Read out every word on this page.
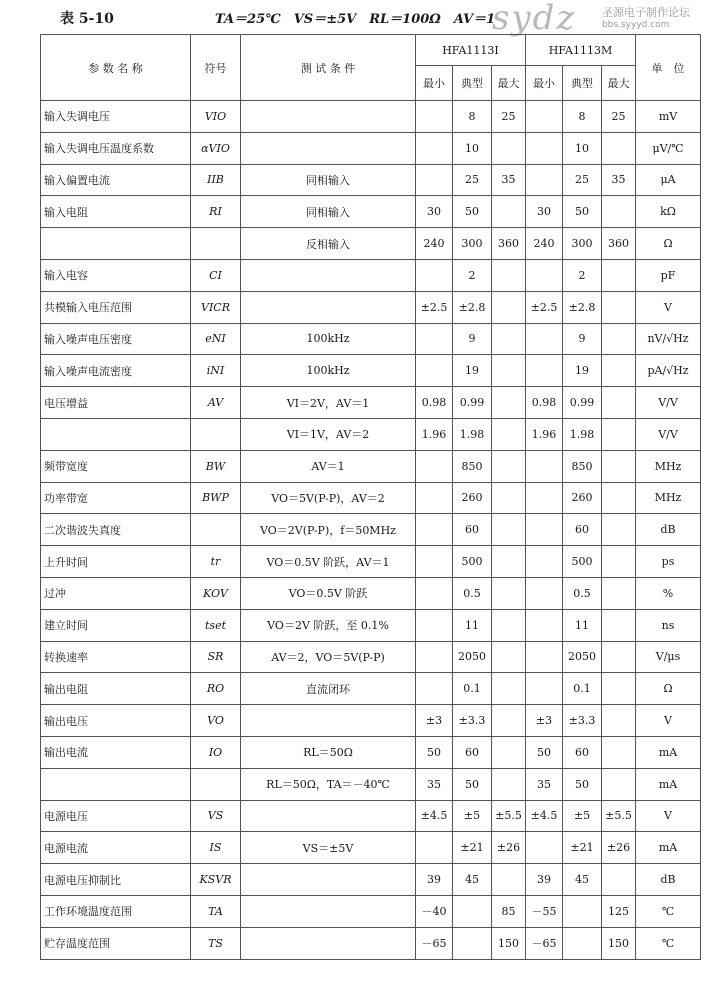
表 5-10	TA＝25℃　VS＝±5V　RL＝100Ω　AV＝1
sydz 圣源电子制作论坛
bbs.syyyd.com
参 数 名 称	符号	测 试 条 件	HFA1113I			HFA1113M			单　位
			最小	典型	最大	最小	典型	最大	
输入失调电压	VIO			8	25		8	25	mV
输入失调电压温度系数	αVIO			10			10		μV/℃
输入偏置电流	IIB	同相输入		25	35		25	35	μA
输入电阻	RI	同相输入	30	50		30	50		kΩ
		反相输入	240	300	360	240	300	360	Ω
输入电容	CI			2			2		pF
共模输入电压范围	VICR		±2.5	±2.8		±2.5	±2.8		V
输入噪声电压密度	eNI	100kHz		9			9		nV/√Hz
输入噪声电流密度	iNI	100kHz		19			19		pA/√Hz
电压增益	AV	VI＝2V，AV＝1	0.98	0.99		0.98	0.99		V/V
		VI＝1V，AV＝2	1.96	1.98		1.96	1.98		V/V
频带宽度	BW	AV＝1		850			850		MHz
功率带宽	BWP	VO＝5V(P-P)，AV＝2		260			260		MHz
二次谐波失真度		VO＝2V(P-P)，f＝50MHz		60			60		dB
上升时间	tr	VO＝0.5V 阶跃，AV＝1		500			500		ps
过冲	KOV	VO＝0.5V 阶跃		0.5			0.5		%
建立时间	tset	VO＝2V 阶跃，至 0.1%		11			11		ns
转换速率	SR	AV＝2，VO＝5V(P-P)		2050			2050		V/μs
输出电阻	RO	直流闭环		0.1			0.1		Ω
输出电压	VO		±3	±3.3		±3	±3.3		V
输出电流	IO	RL＝50Ω	50	60		50	60		mA
		RL＝50Ω，TA＝－40℃	35	50		35	50		mA
电源电压	VS		±4.5	±5	±5.5	±4.5	±5	±5.5	V
电源电流	IS	VS＝±5V		±21	±26		±21	±26	mA
电源电压抑制比	KSVR		39	45		39	45		dB
工作环境温度范围	TA		－40		85	－55		125	℃
贮存温度范围	TS		－65		150	－65		150	℃
